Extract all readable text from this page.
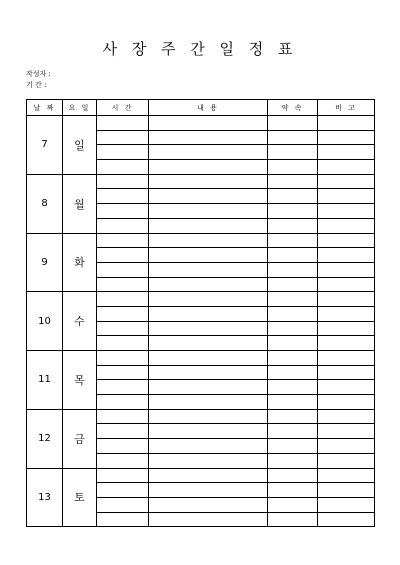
사 장 주 간 일 정 표
작성자 :
기 간 :
날 짜	요 일	시 간	내 용	약 속	비 고
7	일				

8	월				

9	화				

10	수				

11	목				

12	금				

13	토				
